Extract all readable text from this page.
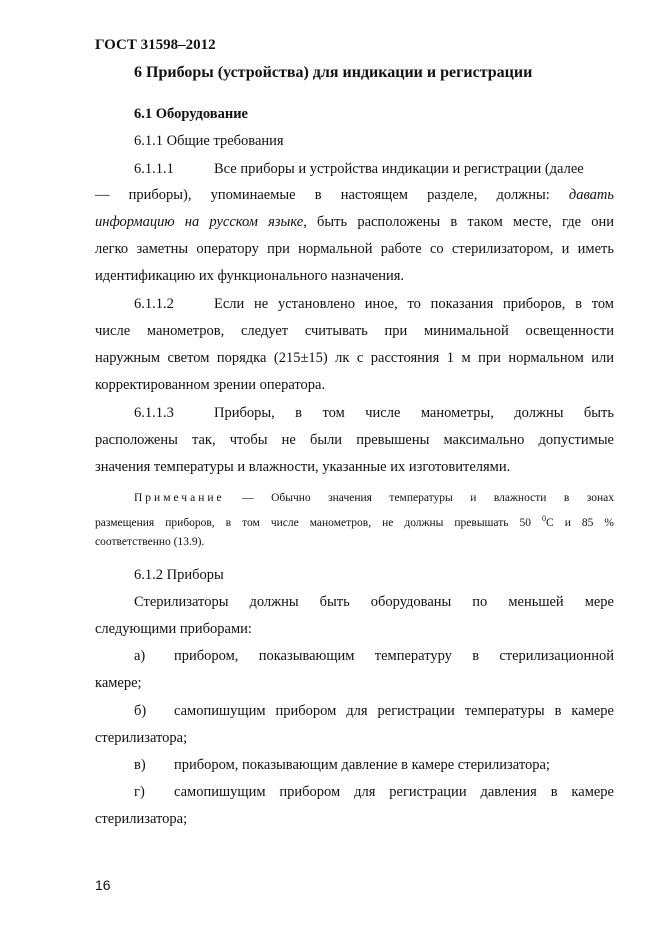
ГОСТ 31598–2012
6 Приборы (устройства) для индикации и регистрации
6.1 Оборудование
6.1.1 Общие требования
6.1.1.1	Все приборы и устройства индикации и регистрации (далее
— приборы), упоминаемые в настоящем разделе, должны: давать
информацию на русском языке, быть расположены в таком месте, где они
легко заметны оператору при нормальной работе со стерилизатором, и иметь
идентификацию их функционального назначения.
6.1.1.2	Если не установлено иное, то показания приборов, в том
числе манометров, следует считывать при минимальной освещенности
наружным светом порядка (215±15) лк с расстояния 1 м при нормальном или
корректированном зрении оператора.
6.1.1.3	Приборы, в том числе манометры, должны быть
расположены так, чтобы не были превышены максимально допустимые
значения температуры и влажности, указанные их изготовителями.
Примечание — Обычно значения температуры и влажности в зонах
размещения приборов, в том числе манометров, не должны превышать 50 $^0$С и 85 %
соответственно (13.9).
6.1.2 Приборы
Стерилизаторы должны быть оборудованы по меньшей мере
следующими приборами:
а) прибором, показывающим температуру в стерилизационной
камере;
б) самопишущим прибором для регистрации температуры в камере
стерилизатора;
в) прибором, показывающим давление в камере стерилизатора;
г) самопишущим прибором для регистрации давления в камере
стерилизатора;
16
